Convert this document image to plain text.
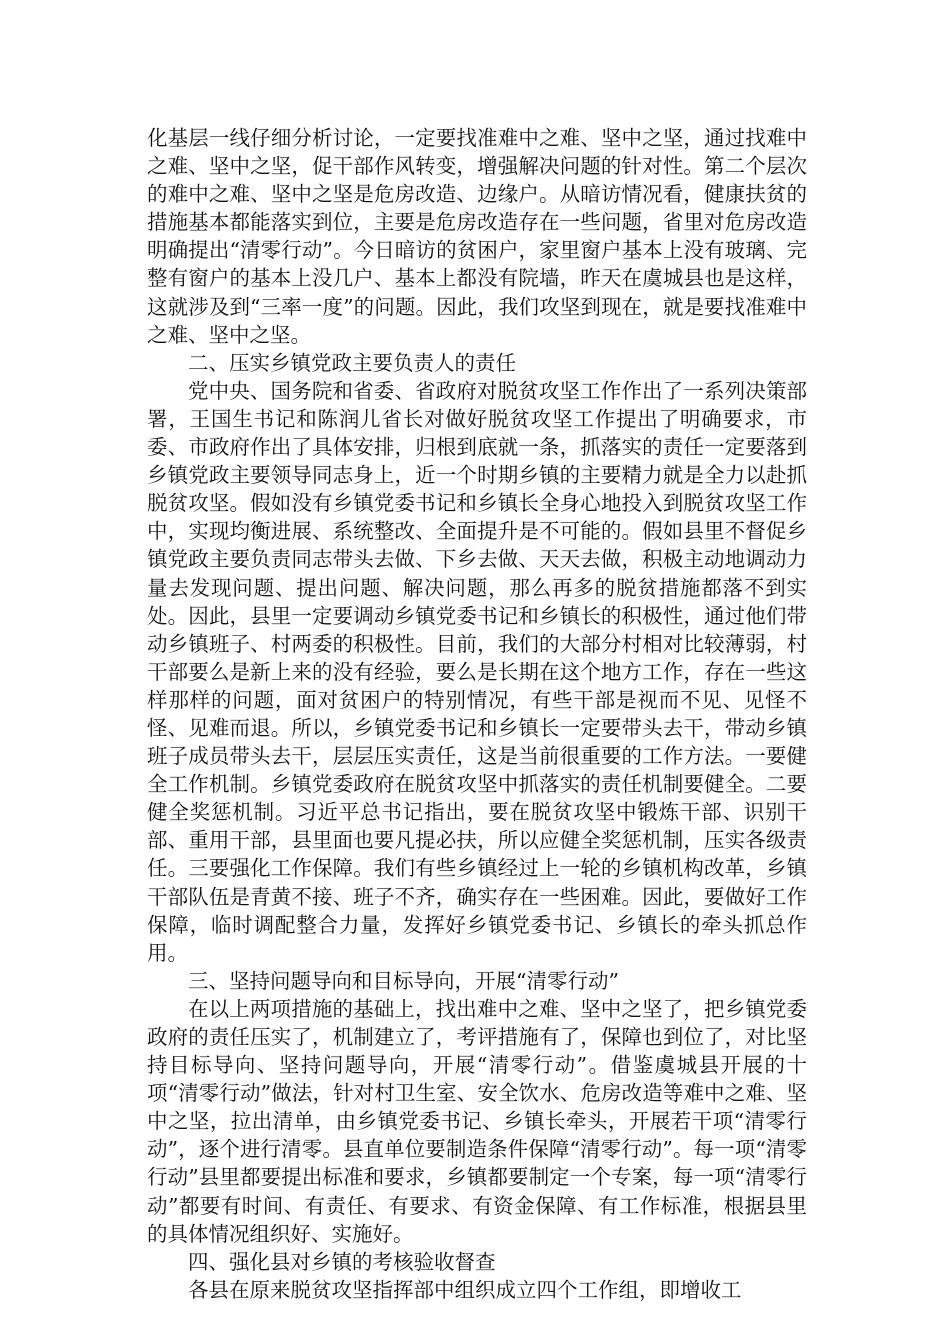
化基层一线仔细分析讨论，一定要找准难中之难、坚中之坚，通过找难中之难、坚中之坚，促干部作风转变，增强解决问题的针对性。第二个层次的难中之难、坚中之坚是危房改造、边缘户。从暗访情况看，健康扶贫的措施基本都能落实到位，主要是危房改造存在一些问题，省里对危房改造明确提出“清零行动”。今日暗访的贫困户，家里窗户基本上没有玻璃、完整有窗户的基本上没几户、基本上都没有院墙，昨天在虞城县也是这样，这就涉及到“三率一度”的问题。因此，我们攻坚到现在，就是要找准难中之难、坚中之坚。

二、压实乡镇党政主要负责人的责任

党中央、国务院和省委、省政府对脱贫攻坚工作作出了一系列决策部署，王国生书记和陈润儿省长对做好脱贫攻坚工作提出了明确要求，市委、市政府作出了具体安排，归根到底就一条，抓落实的责任一定要落到乡镇党政主要领导同志身上，近一个时期乡镇的主要精力就是全力以赴抓脱贫攻坚。假如没有乡镇党委书记和乡镇长全身心地投入到脱贫攻坚工作中，实现均衡进展、系统整改、全面提升是不可能的。假如县里不督促乡镇党政主要负责同志带头去做、下乡去做、天天去做，积极主动地调动力量去发现问题、提出问题、解决问题，那么再多的脱贫措施都落不到实处。因此，县里一定要调动乡镇党委书记和乡镇长的积极性，通过他们带动乡镇班子、村两委的积极性。目前，我们的大部分村相对比较薄弱，村干部要么是新上来的没有经验，要么是长期在这个地方工作，存在一些这样那样的问题，面对贫困户的特别情况，有些干部是视而不见、见怪不怪、见难而退。所以，乡镇党委书记和乡镇长一定要带头去干，带动乡镇班子成员带头去干，层层压实责任，这是当前很重要的工作方法。一要健全工作机制。乡镇党委政府在脱贫攻坚中抓落实的责任机制要健全。二要健全奖惩机制。习近平总书记指出，要在脱贫攻坚中锻炼干部、识别干部、重用干部，县里面也要凡提必扶，所以应健全奖惩机制，压实各级责任。三要强化工作保障。我们有些乡镇经过上一轮的乡镇机构改革，乡镇干部队伍是青黄不接、班子不齐，确实存在一些困难。因此，要做好工作保障，临时调配整合力量，发挥好乡镇党委书记、乡镇长的牵头抓总作用。

三、坚持问题导向和目标导向，开展“清零行动”

在以上两项措施的基础上，找出难中之难、坚中之坚了，把乡镇党委政府的责任压实了，机制建立了，考评措施有了，保障也到位了，对比坚持目标导向、坚持问题导向，开展“清零行动”。借鉴虞城县开展的十项“清零行动”做法，针对村卫生室、安全饮水、危房改造等难中之难、坚中之坚，拉出清单，由乡镇党委书记、乡镇长牵头，开展若干项“清零行动”，逐个进行清零。县直单位要制造条件保障“清零行动”。每一项“清零行动”县里都要提出标准和要求，乡镇都要制定一个专案，每一项“清零行动”都要有时间、有责任、有要求、有资金保障、有工作标准，根据县里的具体情况组织好、实施好。

四、强化县对乡镇的考核验收督查

各县在原来脱贫攻坚指挥部中组织成立四个工作组，即增收工
